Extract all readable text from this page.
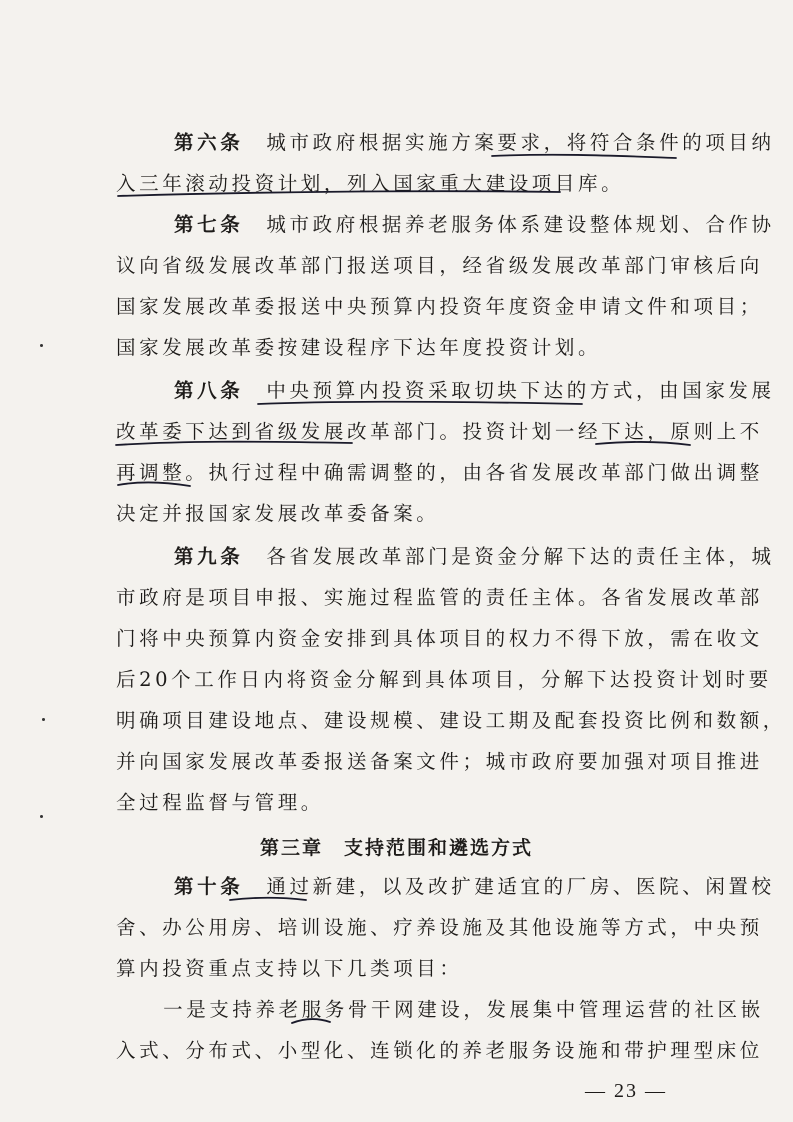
第六条　城市政府根据实施方案要求，将符合条件的项目纳
入三年滚动投资计划，列入国家重大建设项目库。
第七条　城市政府根据养老服务体系建设整体规划、合作协
议向省级发展改革部门报送项目，经省级发展改革部门审核后向
国家发展改革委报送中央预算内投资年度资金申请文件和项目；
国家发展改革委按建设程序下达年度投资计划。
第八条　中央预算内投资采取切块下达的方式，由国家发展
改革委下达到省级发展改革部门。投资计划一经下达，原则上不
再调整。执行过程中确需调整的，由各省发展改革部门做出调整
决定并报国家发展改革委备案。
第九条　各省发展改革部门是资金分解下达的责任主体，城
市政府是项目申报、实施过程监管的责任主体。各省发展改革部
门将中央预算内资金安排到具体项目的权力不得下放，需在收文
后20个工作日内将资金分解到具体项目，分解下达投资计划时要
明确项目建设地点、建设规模、建设工期及配套投资比例和数额，
并向国家发展改革委报送备案文件；城市政府要加强对项目推进
全过程监督与管理。
第三章　支持范围和遴选方式
第十条　通过新建，以及改扩建适宜的厂房、医院、闲置校
舍、办公用房、培训设施、疗养设施及其他设施等方式，中央预
算内投资重点支持以下几类项目：
　一是支持养老服务骨干网建设，发展集中管理运营的社区嵌
入式、分布式、小型化、连锁化的养老服务设施和带护理型床位
— 23 —
